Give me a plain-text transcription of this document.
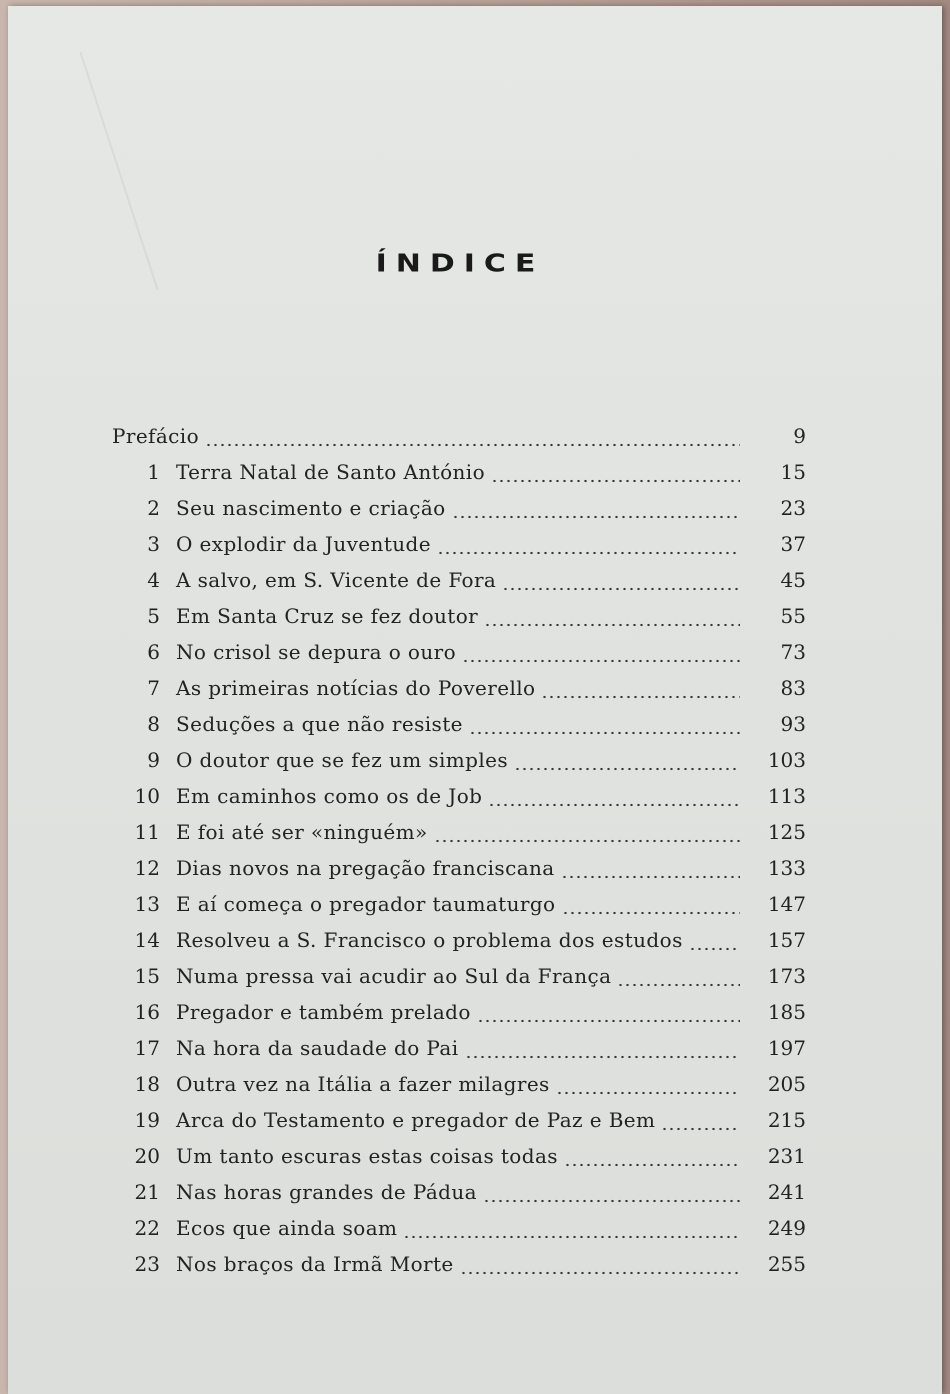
ÍNDICE
Prefácio	9
1 Terra Natal de Santo António	15
2 Seu nascimento e criação	23
3 O explodir da Juventude	37
4 A salvo, em S. Vicente de Fora	45
5 Em Santa Cruz se fez doutor	55
6 No crisol se depura o ouro	73
7 As primeiras notícias do Poverello	83
8 Seduções a que não resiste	93
9 O doutor que se fez um simples	103
10 Em caminhos como os de Job	113
11 E foi até ser «ninguém»	125
12 Dias novos na pregação franciscana	133
13 E aí começa o pregador taumaturgo	147
14 Resolveu a S. Francisco o problema dos estudos	157
15 Numa pressa vai acudir ao Sul da França	173
16 Pregador e também prelado	185
17 Na hora da saudade do Pai	197
18 Outra vez na Itália a fazer milagres	205
19 Arca do Testamento e pregador de Paz e Bem	215
20 Um tanto escuras estas coisas todas	231
21 Nas horas grandes de Pádua	241
22 Ecos que ainda soam	249
23 Nos braços da Irmã Morte	255
